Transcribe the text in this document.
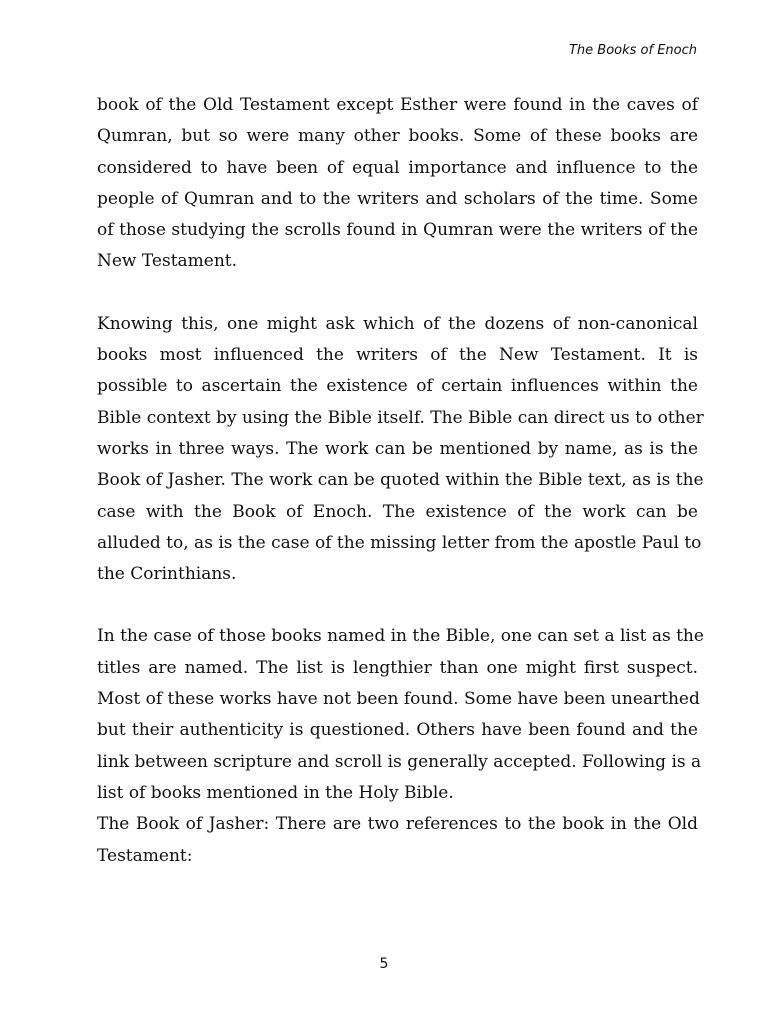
The Books of Enoch

book of the Old Testament except Esther were found in the caves of
Qumran, but so were many other books. Some of these books are
considered to have been of equal importance and influence to the
people of Qumran and to the writers and scholars of the time. Some
of those studying the scrolls found in Qumran were the writers of the
New Testament.

Knowing this, one might ask which of the dozens of non-canonical
books most influenced the writers of the New Testament. It is
possible to ascertain the existence of certain influences within the
Bible context by using the Bible itself. The Bible can direct us to other
works in three ways. The work can be mentioned by name, as is the
Book of Jasher. The work can be quoted within the Bible text, as is the
case with the Book of Enoch. The existence of the work can be
alluded to, as is the case of the missing letter from the apostle Paul to
the Corinthians.

In the case of those books named in the Bible, one can set a list as the
titles are named. The list is lengthier than one might first suspect.
Most of these works have not been found. Some have been unearthed
but their authenticity is questioned. Others have been found and the
link between scripture and scroll is generally accepted. Following is a
list of books mentioned in the Holy Bible.

The Book of Jasher: There are two references to the book in the Old
Testament:

5
